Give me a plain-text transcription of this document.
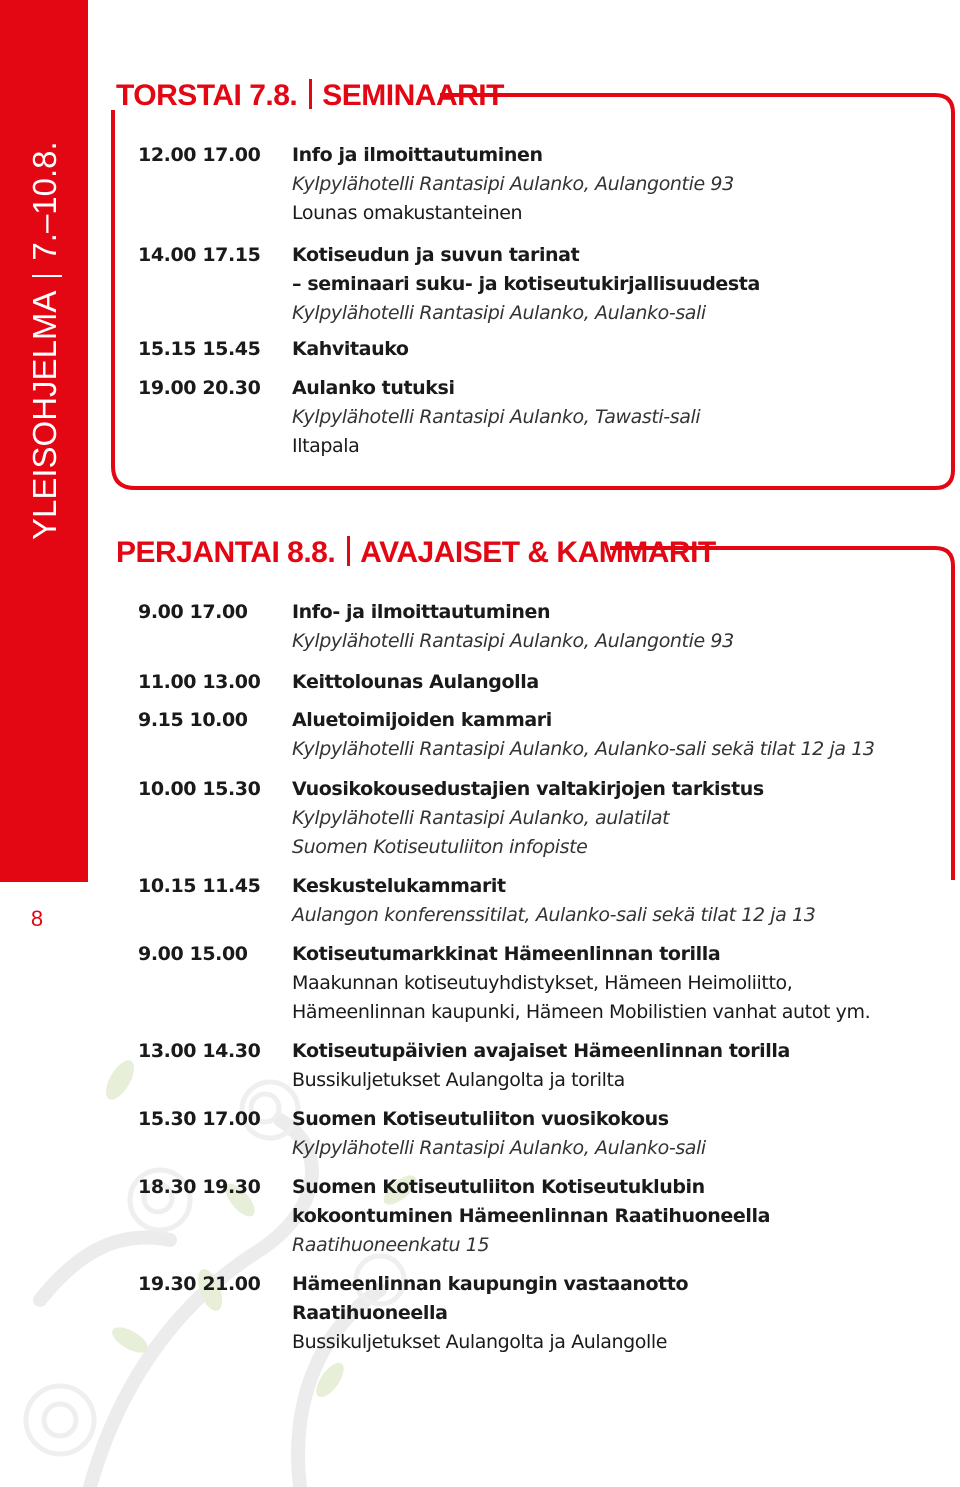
YLEISOHJELMA7.–10.8.
8
TORSTAI 7.8. SEMINAARIT
PERJANTAI 8.8. AVAJAISET & KAMMARIT
12.00 17.00	Info ja ilmoittautuminen
Kylpylähotelli Rantasipi Aulanko, Aulangontie 93
Lounas omakustanteinen
14.00 17.15	Kotiseudun ja suvun tarinat
– seminaari suku- ja kotiseutukirjallisuudesta
Kylpylähotelli Rantasipi Aulanko, Aulanko-sali
15.15 15.45	Kahvitauko
19.00 20.30	Aulanko tutuksi
Kylpylähotelli Rantasipi Aulanko, Tawasti-sali
Iltapala
9.00 17.00	Info- ja ilmoittautuminen
Kylpylähotelli Rantasipi Aulanko, Aulangontie 93
11.00 13.00	Keittolounas Aulangolla
9.15 10.00	Aluetoimijoiden kammari
Kylpylähotelli Rantasipi Aulanko, Aulanko-sali sekä tilat 12 ja 13
10.00 15.30	Vuosikokousedustajien valtakirjojen tarkistus
Kylpylähotelli Rantasipi Aulanko, aulatilat
Suomen Kotiseutuliiton infopiste
10.15 11.45	Keskustelukammarit
Aulangon konferenssitilat, Aulanko-sali sekä tilat 12 ja 13
9.00 15.00	Kotiseutumarkkinat Hämeenlinnan torilla
Maakunnan kotiseutuyhdistykset, Hämeen Heimoliitto,
Hämeenlinnan kaupunki, Hämeen Mobilistien vanhat autot ym.
13.00 14.30	Kotiseutupäivien avajaiset Hämeenlinnan torilla
Bussikuljetukset Aulangolta ja torilta
15.30 17.00	Suomen Kotiseutuliiton vuosikokous
Kylpylähotelli Rantasipi Aulanko, Aulanko-sali
18.30 19.30	Suomen Kotiseutuliiton Kotiseutuklubin
kokoontuminen Hämeenlinnan Raatihuoneella
Raatihuoneenkatu 15
19.30 21.00	Hämeenlinnan kaupungin vastaanotto
Raatihuoneella
Bussikuljetukset Aulangolta ja Aulangolle
